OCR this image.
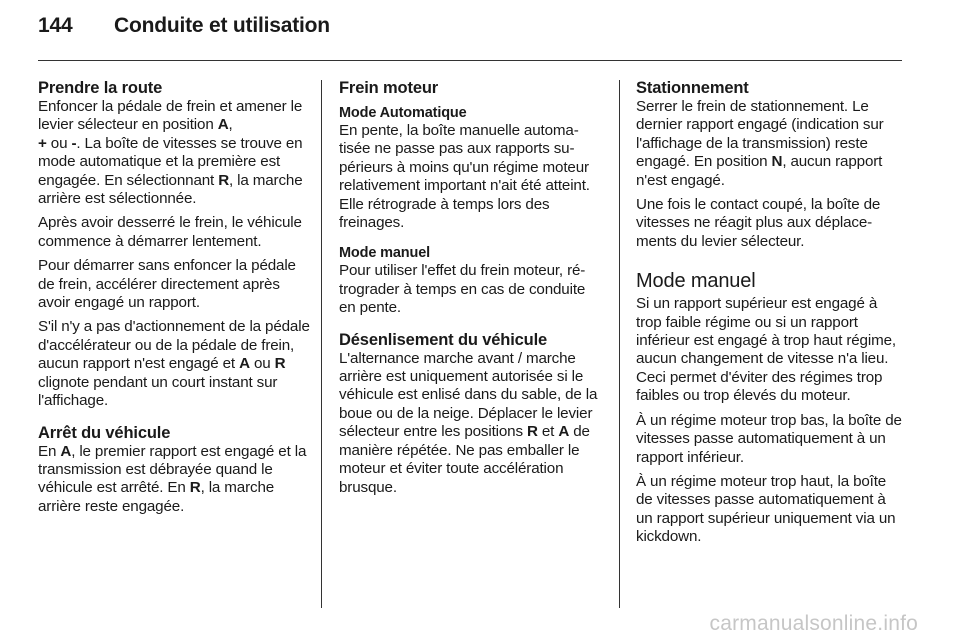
144 Conduite et utilisation
Prendre la route

Enfoncer la pédale de frein et amener le levier sélecteur en position A,
+ ou -. La boîte de vitesses se trouve en mode automatique et la première est engagée. En sélectionnant R, la marche arrière est sélectionnée.

Après avoir desserré le frein, le véhicule commence à démarrer lentement.

Pour démarrer sans enfoncer la pédale de frein, accélérer directement après avoir engagé un rapport.

S'il n'y a pas d'actionnement de la pédale d'accélérateur ou de la pédale de frein, aucun rapport n'est engagé et A ou R clignote pendant un court instant sur l'affichage.

Arrêt du véhicule

En A, le premier rapport est engagé et la transmission est débrayée quand le véhicule est arrêté. En R, la marche arrière reste engagée.

Frein moteur
Mode Automatique

En pente, la boîte manuelle automatisée ne passe pas aux rapports supérieurs à moins qu'un régime moteur relativement important n'ait été atteint. Elle rétrograde à temps lors des freinages.

Mode manuel

Pour utiliser l'effet du frein moteur, rétrograder à temps en cas de conduite en pente.

Désenlisement du véhicule

L'alternance marche avant / marche arrière est uniquement autorisée si le véhicule est enlisé dans du sable, de la boue ou de la neige. Déplacer le levier sélecteur entre les positions R et A de manière répétée. Ne pas emballer le moteur et éviter toute accélération brusque.

Stationnement

Serrer le frein de stationnement. Le dernier rapport engagé (indication sur l'affichage de la transmission) reste engagé. En position N, aucun rapport n'est engagé.

Une fois le contact coupé, la boîte de vitesses ne réagit plus aux déplacements du levier sélecteur.

Mode manuel

Si un rapport supérieur est engagé à trop faible régime ou si un rapport inférieur est engagé à trop haut régime, aucun changement de vitesse n'a lieu. Ceci permet d'éviter des régimes trop faibles ou trop élevés du moteur.

À un régime moteur trop bas, la boîte de vitesses passe automatiquement à un rapport inférieur.

À un régime moteur trop haut, la boîte de vitesses passe automatiquement à un rapport supérieur uniquement via un kickdown.

carmanualsonline.info
